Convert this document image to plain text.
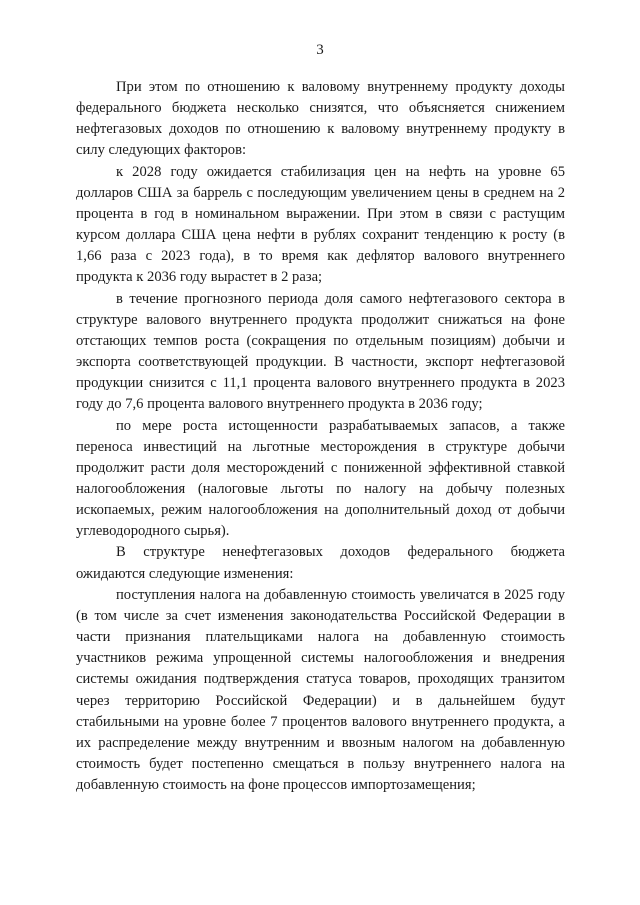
3

При этом по отношению к валовому внутреннему продукту доходы федерального бюджета несколько снизятся, что объясняется снижением нефтегазовых доходов по отношению к валовому внутреннему продукту в силу следующих факторов:

к 2028 году ожидается стабилизация цен на нефть на уровне 65 долларов США за баррель с последующим увеличением цены в среднем на 2 процента в год в номинальном выражении. При этом в связи с растущим курсом доллара США цена нефти в рублях сохранит тенденцию к росту (в 1,66 раза с 2023 года), в то время как дефлятор валового внутреннего продукта к 2036 году вырастет в 2 раза;

в течение прогнозного периода доля самого нефтегазового сектора в структуре валового внутреннего продукта продолжит снижаться на фоне отстающих темпов роста (сокращения по отдельным позициям) добычи и экспорта соответствующей продукции. В частности, экспорт нефтегазовой продукции снизится с 11,1 процента валового внутреннего продукта в 2023 году до 7,6 процента валового внутреннего продукта в 2036 году;

по мере роста истощенности разрабатываемых запасов, а также переноса инвестиций на льготные месторождения в структуре добычи продолжит расти доля месторождений с пониженной эффективной ставкой налогообложения (налоговые льготы по налогу на добычу полезных ископаемых, режим налогообложения на дополнительный доход от добычи углеводородного сырья).

В структуре ненефтегазовых доходов федерального бюджета ожидаются следующие изменения:

поступления налога на добавленную стоимость увеличатся в 2025 году (в том числе за счет изменения законодательства Российской Федерации в части признания плательщиками налога на добавленную стоимость участников режима упрощенной системы налогообложения и внедрения системы ожидания подтверждения статуса товаров, проходящих транзитом через территорию Российской Федерации) и в дальнейшем будут стабильными на уровне более 7 процентов валового внутреннего продукта, а их распределение между внутренним и ввозным налогом на добавленную стоимость будет постепенно смещаться в пользу внутреннего налога на добавленную стоимость на фоне процессов импортозамещения;
